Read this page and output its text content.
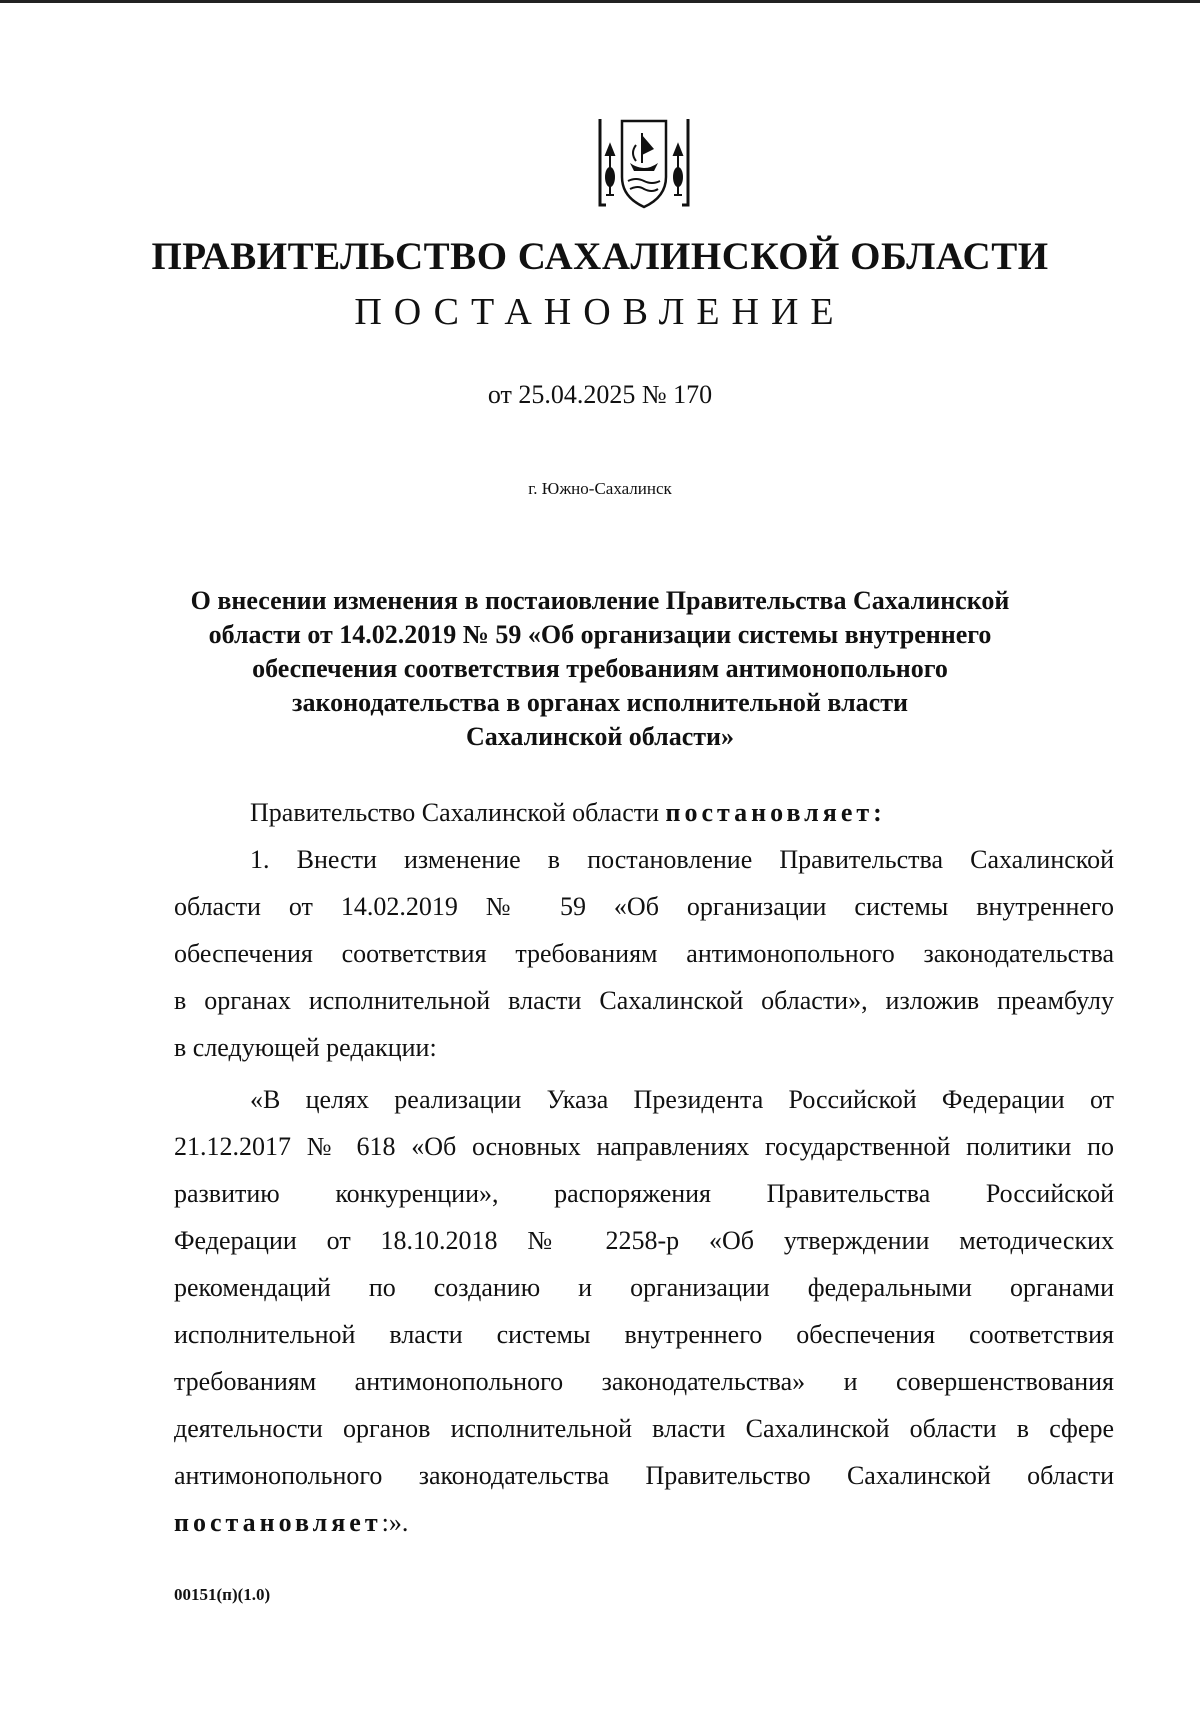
ПРАВИТЕЛЬСТВО САХАЛИНСКОЙ ОБЛАСТИ
ПОСТАНОВЛЕНИЕ
от 25.04.2025 № 170
г. Южно-Сахалинск
О внесении изменения в постаиовление Правительства Сахалинской
области от 14.02.2019 № 59 «Об организации системы внутреннего
обеспечения соответствия требованиям антимонопольного
законодательства в органах исполнительной власти
Сахалинской области»
Правительство Сахалинской области постановляет:
1. Внести изменение в постановление Правительства Сахалинской
области от 14.02.2019 № 59 «Об организации системы внутреннего
обеспечения соответствия требованиям антимонопольного законодательства
в органах исполнительной власти Сахалинской области», изложив преамбулу
в следующей редакции:
«В целях реализации Указа Президента Российской Федерации от
21.12.2017 № 618 «Об основных направлениях государственной политики по
развитию конкуренции», распоряжения Правительства Российской
Федерации от 18.10.2018 № 2258-р «Об утверждении методических
рекомендаций по созданию и организации федеральными органами
исполнительной власти системы внутреннего обеспечения соответствия
требованиям антимонопольного законодательства» и совершенствования
деятельности органов исполнительной власти Сахалинской области в сфере
антимонопольного законодательства Правительство Сахалинской области
постановляет:».
00151(п)(1.0)
